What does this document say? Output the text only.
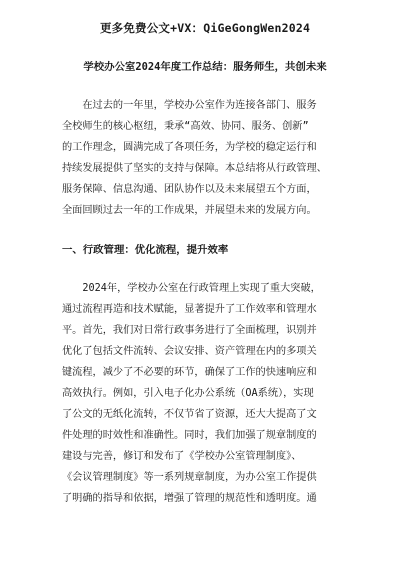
更多免费公文+VX：QiGeGongWen2024
学校办公室2024年度工作总结：服务师生，共创未来
　　在过去的一年里，学校办公室作为连接各部门、服务
全校师生的核心枢纽，秉承“高效、协同、服务、创新”
的工作理念，圆满完成了各项任务，为学校的稳定运行和
持续发展提供了坚实的支持与保障。本总结将从行政管理、
服务保障、信息沟通、团队协作以及未来展望五个方面，
全面回顾过去一年的工作成果，并展望未来的发展方向。
一、行政管理：优化流程，提升效率
　　2024年，学校办公室在行政管理上实现了重大突破，
通过流程再造和技术赋能，显著提升了工作效率和管理水
平。首先，我们对日常行政事务进行了全面梳理，识别并
优化了包括文件流转、会议安排、资产管理在内的多项关
键流程，减少了不必要的环节，确保了工作的快速响应和
高效执行。例如，引入电子化办公系统（OA系统），实现
了公文的无纸化流转，不仅节省了资源，还大大提高了文
件处理的时效性和准确性。同时，我们加强了规章制度的
建设与完善，修订和发布了《学校办公室管理制度》、
《会议管理制度》等一系列规章制度，为办公室工作提供
了明确的指导和依据，增强了管理的规范性和透明度。通
